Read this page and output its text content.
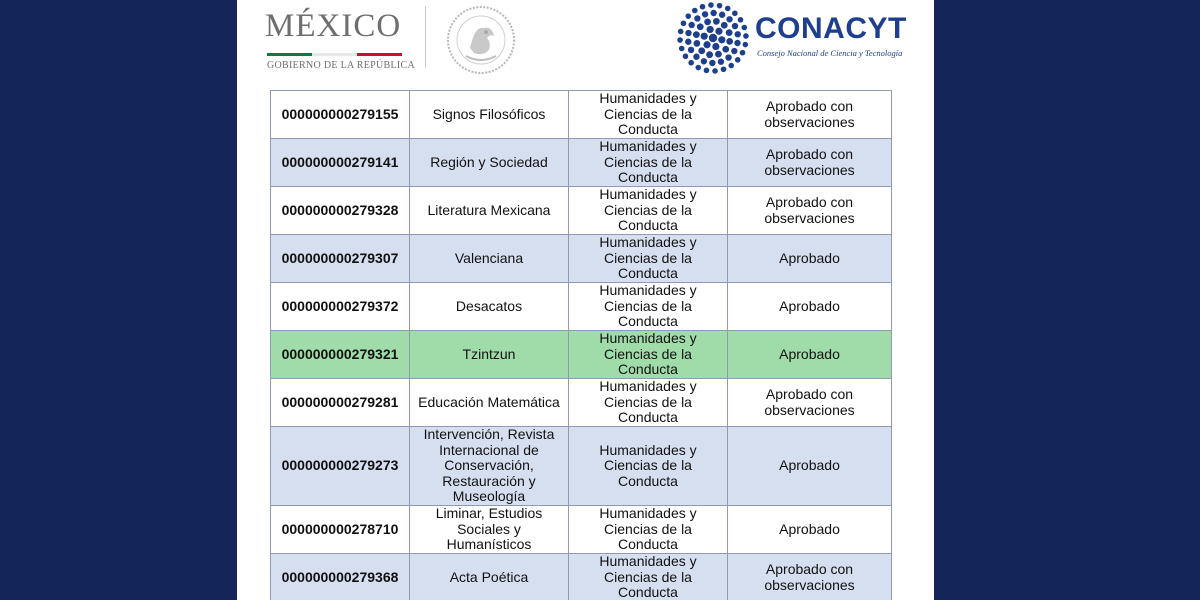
MÉXICO
GOBIERNO DE LA REPÚBLICA
CONACYT
Consejo Nacional de Ciencia y Tecnología
000000000279155	Signos Filosóficos	Humanidades y Ciencias de la Conducta	Aprobado con observaciones
000000000279141	Región y Sociedad	Humanidades y Ciencias de la Conducta	Aprobado con observaciones
000000000279328	Literatura Mexicana	Humanidades y Ciencias de la Conducta	Aprobado con observaciones
000000000279307	Valenciana	Humanidades y Ciencias de la Conducta	Aprobado
000000000279372	Desacatos	Humanidades y Ciencias de la Conducta	Aprobado
000000000279321	Tzintzun	Humanidades y Ciencias de la Conducta	Aprobado
000000000279281	Educación Matemática	Humanidades y Ciencias de la Conducta	Aprobado con observaciones
000000000279273	Intervención, Revista Internacional de Conservación, Restauración y Museología	Humanidades y Ciencias de la Conducta	Aprobado
000000000278710	Liminar, Estudios Sociales y Humanísticos	Humanidades y Ciencias de la Conducta	Aprobado
000000000279368	Acta Poética	Humanidades y Ciencias de la Conducta	Aprobado con observaciones
